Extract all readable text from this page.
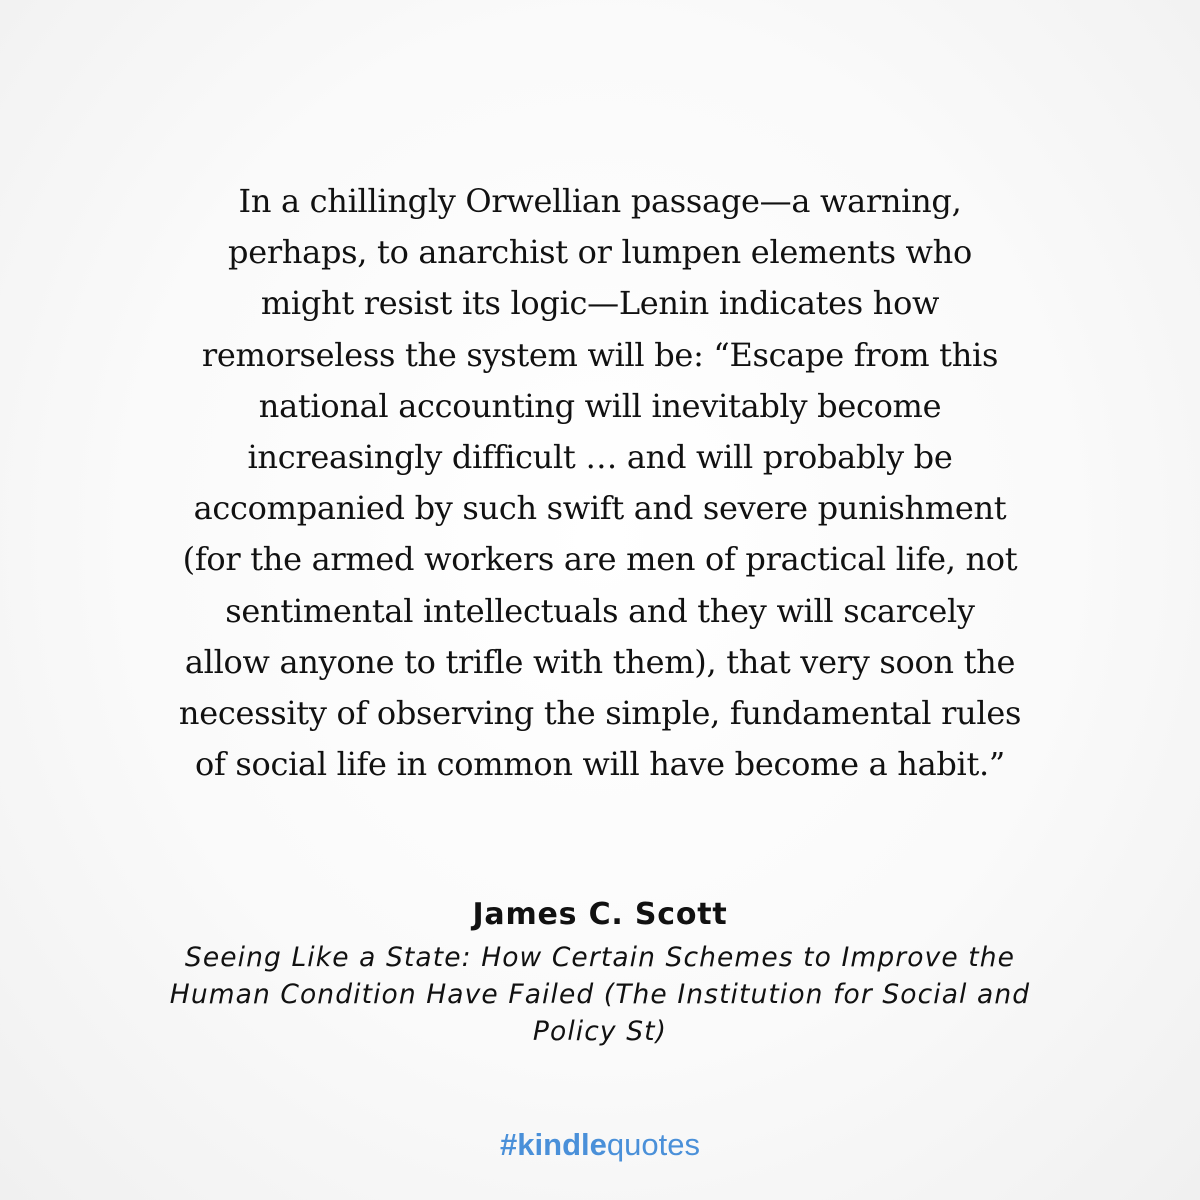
In a chillingly Orwellian passage—a warning,
perhaps, to anarchist or lumpen elements who
might resist its logic—Lenin indicates how
remorseless the system will be: “Escape from this
national accounting will inevitably become
increasingly difficult … and will probably be
accompanied by such swift and severe punishment
(for the armed workers are men of practical life, not
sentimental intellectuals and they will scarcely
allow anyone to trifle with them), that very soon the
necessity of observing the simple, fundamental rules
of social life in common will have become a habit.”
James C. Scott
Seeing Like a State: How Certain Schemes to Improve the
Human Condition Have Failed (The Institution for Social and
Policy St)
#kindlequotes
